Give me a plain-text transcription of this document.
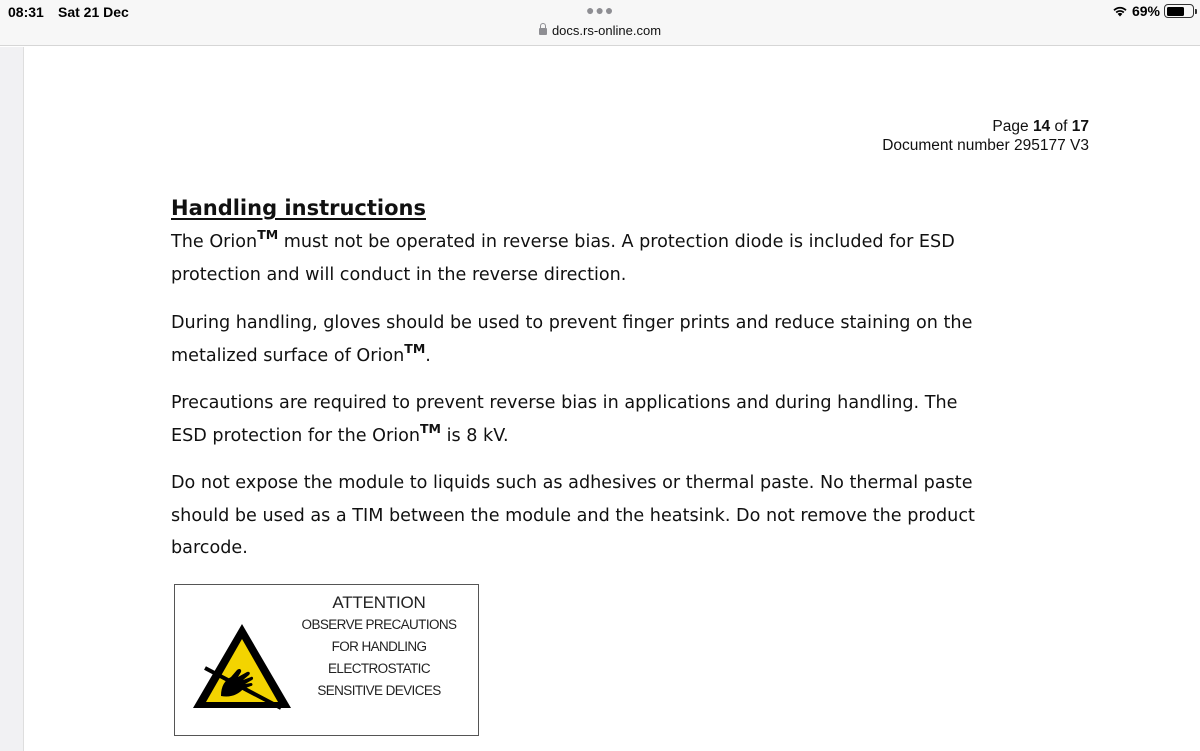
08:31 Sat 21 Dec	●●●
docs.rs-online.com
69%
Page 14 of 17
Document number 295177 V3
Handling instructions
The Orion™ must not be operated in reverse bias. A protection diode is included for ESD
protection and will conduct in the reverse direction.
During handling, gloves should be used to prevent finger prints and reduce staining on the
metalized surface of Orion™.
Precautions are required to prevent reverse bias in applications and during handling. The
ESD protection for the Orion™ is 8 kV.
Do not expose the module to liquids such as adhesives or thermal paste. No thermal paste
should be used as a TIM between the module and the heatsink. Do not remove the product
barcode.
ATTENTION
OBSERVE PRECAUTIONS
FOR HANDLING
ELECTROSTATIC
SENSITIVE DEVICES
